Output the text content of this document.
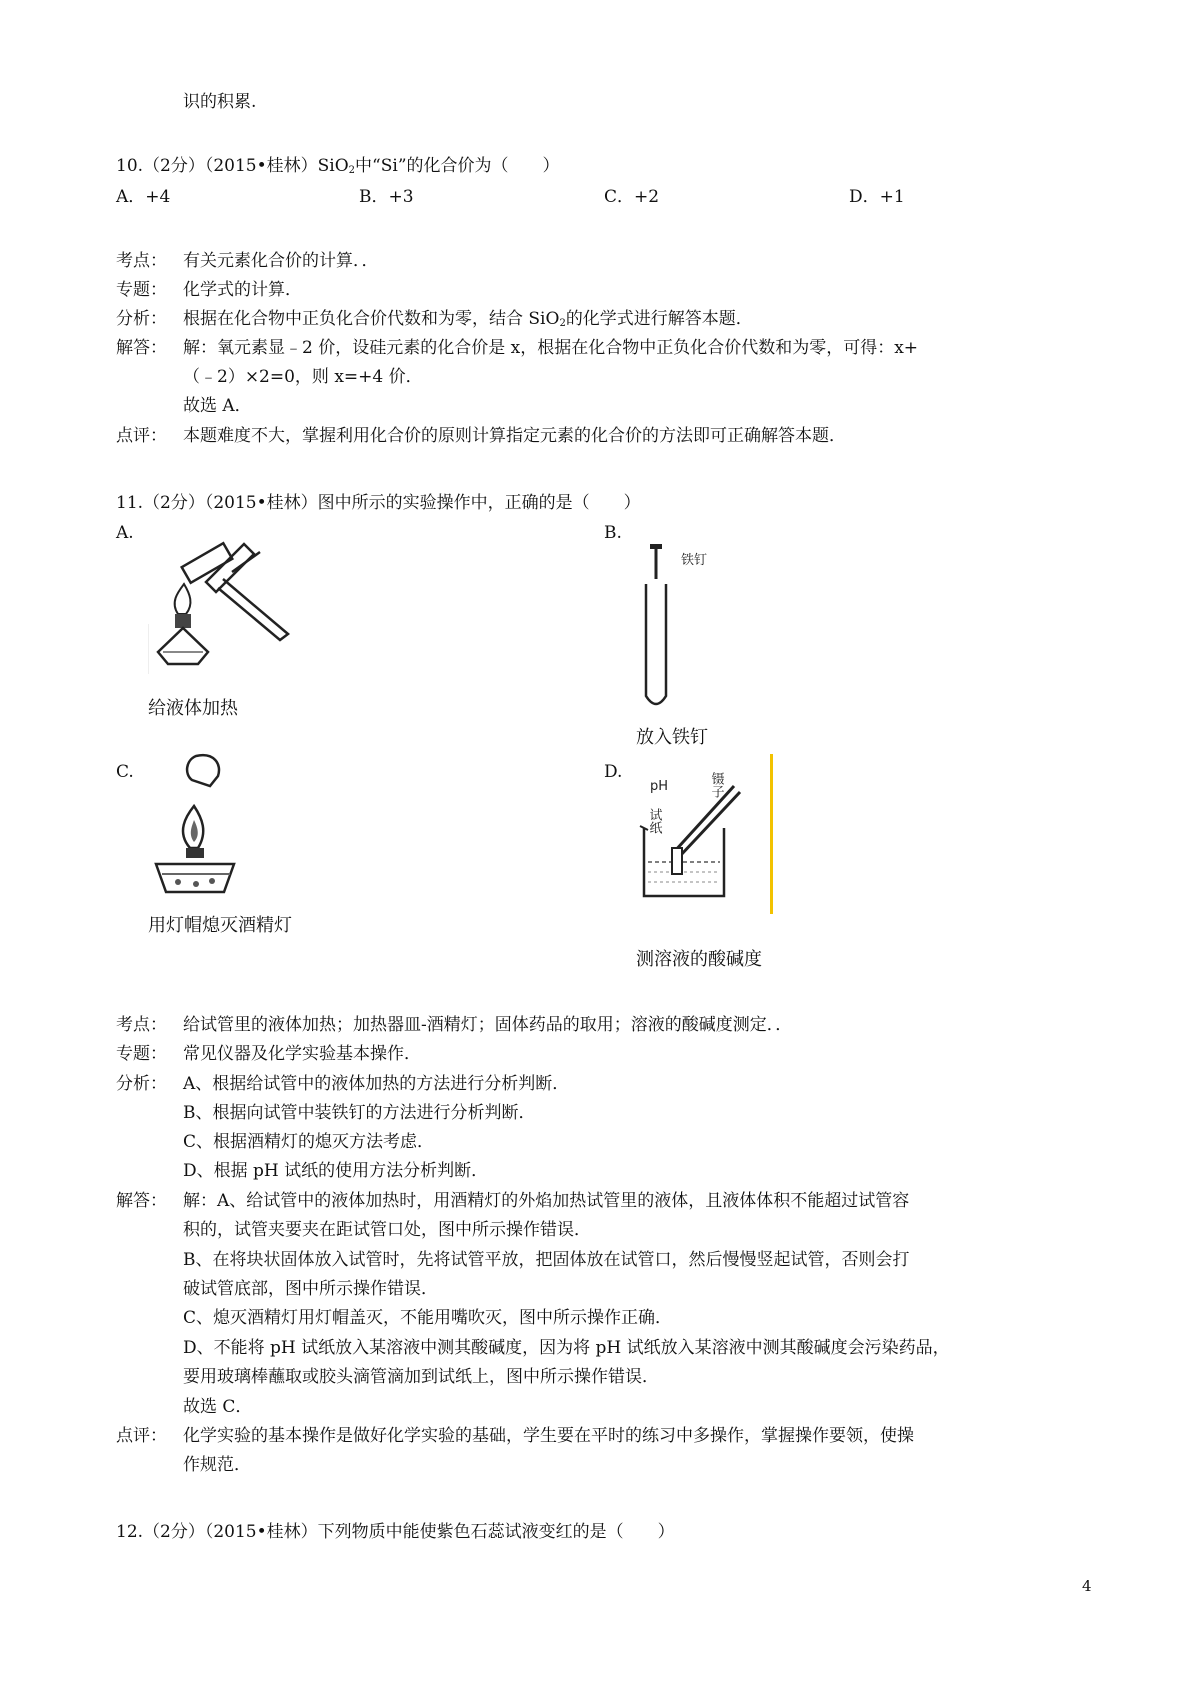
识的积累.
10.（2分）（2015•桂林）SiO$_2$中“Si”的化合价为（　　）
A．+4	B．+3	C．+2	D．+1
考点： 有关元素化合价的计算．．
专题： 化学式的计算．
分析： 根据在化合物中正负化合价代数和为零，结合 SiO$_2$的化学式进行解答本题．
解答： 解：氧元素显﹣2 价，设硅元素的化合价是 x，根据在化合物中正负化合价代数和为零，可得：x+
（﹣2）×2=0，则 x=+4 价．
故选 A．
点评： 本题难度不大，掌握利用化合价的原则计算指定元素的化合价的方法即可正确解答本题．
11.（2分）（2015•桂林）图中所示的实验操作中，正确的是（　　）
A.	B.
铁钉
给液体加热
放入铁钉
C.	D.
pH
试纸
镊子
用灯帽熄灭酒精灯
测溶液的酸碱度
考点： 给试管里的液体加热；加热器皿-酒精灯；固体药品的取用；溶液的酸碱度测定．．
专题： 常见仪器及化学实验基本操作．
分析： A、根据给试管中的液体加热的方法进行分析判断．
B、根据向试管中装铁钉的方法进行分析判断．
C、根据酒精灯的熄灭方法考虑．
D、根据 pH 试纸的使用方法分析判断．
解答： 解：A、给试管中的液体加热时，用酒精灯的外焰加热试管里的液体，且液体体积不能超过试管容
积的，试管夹要夹在距试管口处，图中所示操作错误．
B、在将块状固体放入试管时，先将试管平放，把固体放在试管口，然后慢慢竖起试管，否则会打
破试管底部，图中所示操作错误．
C、熄灭酒精灯用灯帽盖灭，不能用嘴吹灭，图中所示操作正确．
D、不能将 pH 试纸放入某溶液中测其酸碱度，因为将 pH 试纸放入某溶液中测其酸碱度会污染药品，
要用玻璃棒蘸取或胶头滴管滴加到试纸上，图中所示操作错误．
故选 C．
点评： 化学实验的基本操作是做好化学实验的基础，学生要在平时的练习中多操作，掌握操作要领，使操
作规范．
12.（2分）（2015•桂林）下列物质中能使紫色石蕊试液变红的是（　　）
4
